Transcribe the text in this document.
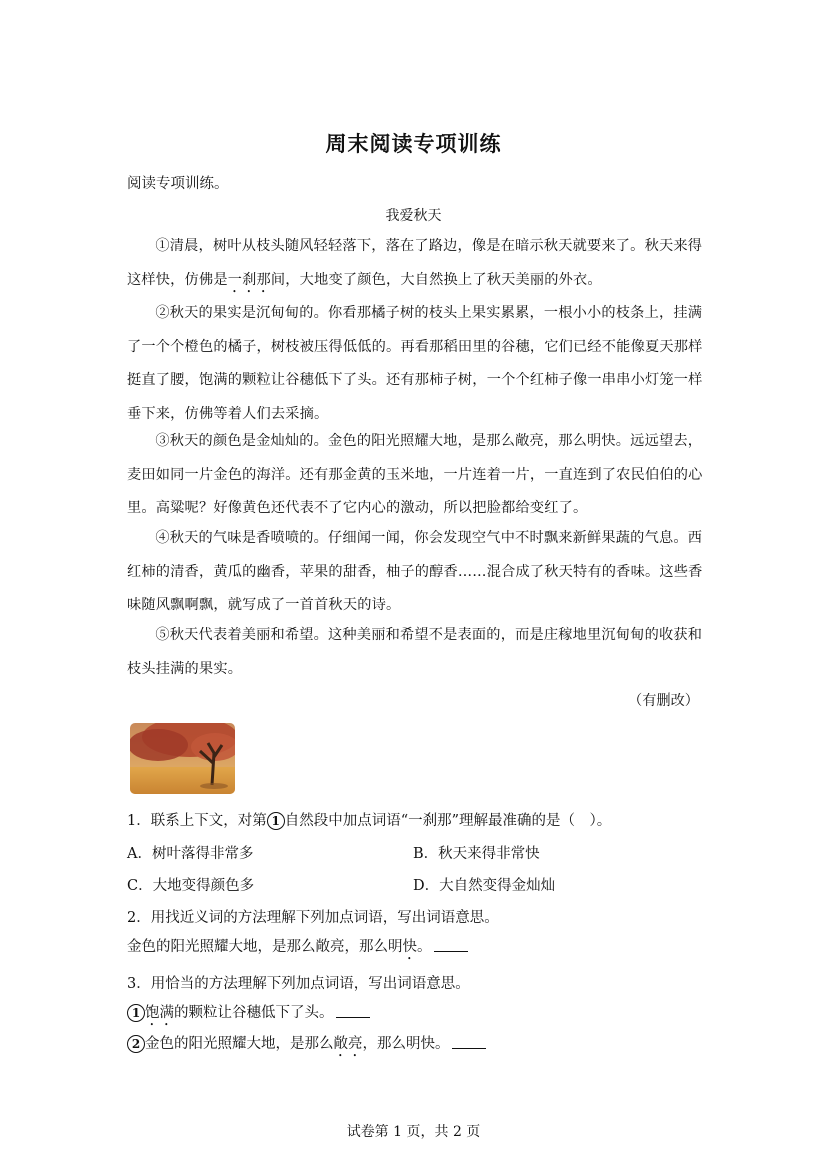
周末阅读专项训练
阅读专项训练。
我爱秋天
①清晨，树叶从枝头随风轻轻落下，落在了路边，像是在暗示秋天就要来了。秋天来得这样快，仿佛是一刹那间，大地变了颜色，大自然换上了秋天美丽的外衣。
②秋天的果实是沉甸甸的。你看那橘子树的枝头上果实累累，一根小小的枝条上，挂满了一个个橙色的橘子，树枝被压得低低的。再看那稻田里的谷穗，它们已经不能像夏天那样挺直了腰，饱满的颗粒让谷穗低下了头。还有那柿子树，一个个红柿子像一串串小灯笼一样垂下来，仿佛等着人们去采摘。
③秋天的颜色是金灿灿的。金色的阳光照耀大地，是那么敞亮，那么明快。远远望去，麦田如同一片金色的海洋。还有那金黄的玉米地，一片连着一片，一直连到了农民伯伯的心里。高粱呢？好像黄色还代表不了它内心的激动，所以把脸都给变红了。
④秋天的气味是香喷喷的。仔细闻一闻，你会发现空气中不时飘来新鲜果蔬的气息。西红柿的清香，黄瓜的幽香，苹果的甜香，柚子的醇香……混合成了秋天特有的香味。这些香味随风飘啊飘，就写成了一首首秋天的诗。
⑤秋天代表着美丽和希望。这种美丽和希望不是表面的，而是庄稼地里沉甸甸的收获和枝头挂满的果实。
（有删改）
1．联系上下文，对第 1 自然段中加点词语“一刹那”理解最准确的是（　）。
A．树叶落得非常多	B．秋天来得非常快
C．大地变得颜色多	D．大自然变得金灿灿
2．用找近义词的方法理解下列加点词语，写出词语意思。
金色的阳光照耀大地，是那么敞亮，那么明快。
3．用恰当的方法理解下列加点词语，写出词语意思。
1 饱满的颗粒让谷穗低下了头。
2 金色的阳光照耀大地，是那么敞亮，那么明快。
试卷第 1 页，共 2 页
